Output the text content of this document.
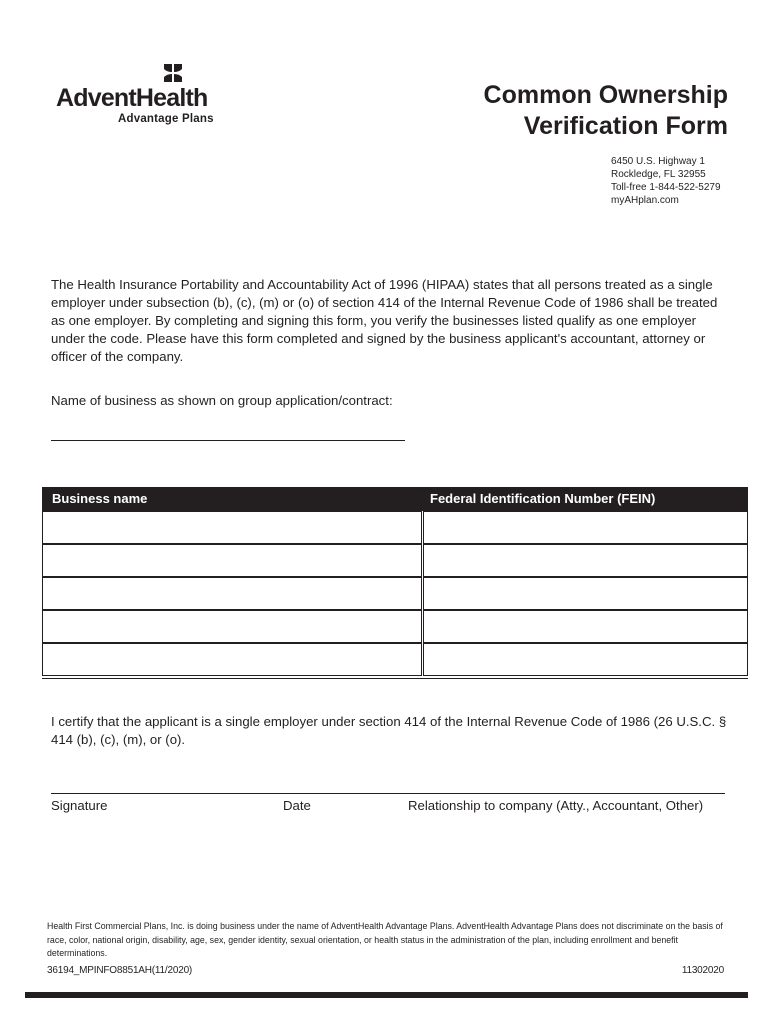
AdventHealth
Advantage Plans
Common Ownership
Verification Form
6450 U.S. Highway 1
Rockledge, FL 32955
Toll-free 1-844-522-5279
myAHplan.com

The Health Insurance Portability and Accountability Act of 1996 (HIPAA) states that all persons treated as a single employer under subsection (b), (c), (m) or (o) of section 414 of the Internal Revenue Code of 1986 shall be treated as one employer. By completing and signing this form, you verify the businesses listed qualify as one employer under the code. Please have this form completed and signed by the business applicant's accountant, attorney or officer of the company.

Name of business as shown on group application/contract:
Business name	Federal Identification Number (FEIN)

I certify that the applicant is a single employer under section 414 of the Internal Revenue Code of 1986 (26 U.S.C. § 414 (b), (c), (m), or (o).

Signature	Date	Relationship to company (Atty., Accountant, Other)

Health First Commercial Plans, Inc. is doing business under the name of AdventHealth Advantage Plans. AdventHealth Advantage Plans does not discriminate on the basis of race, color, national origin, disability, age, sex, gender identity, sexual orientation, or health status in the administration of the plan, including enrollment and benefit determinations.

36194_MPINFO8851AH(11/2020)	11302020
